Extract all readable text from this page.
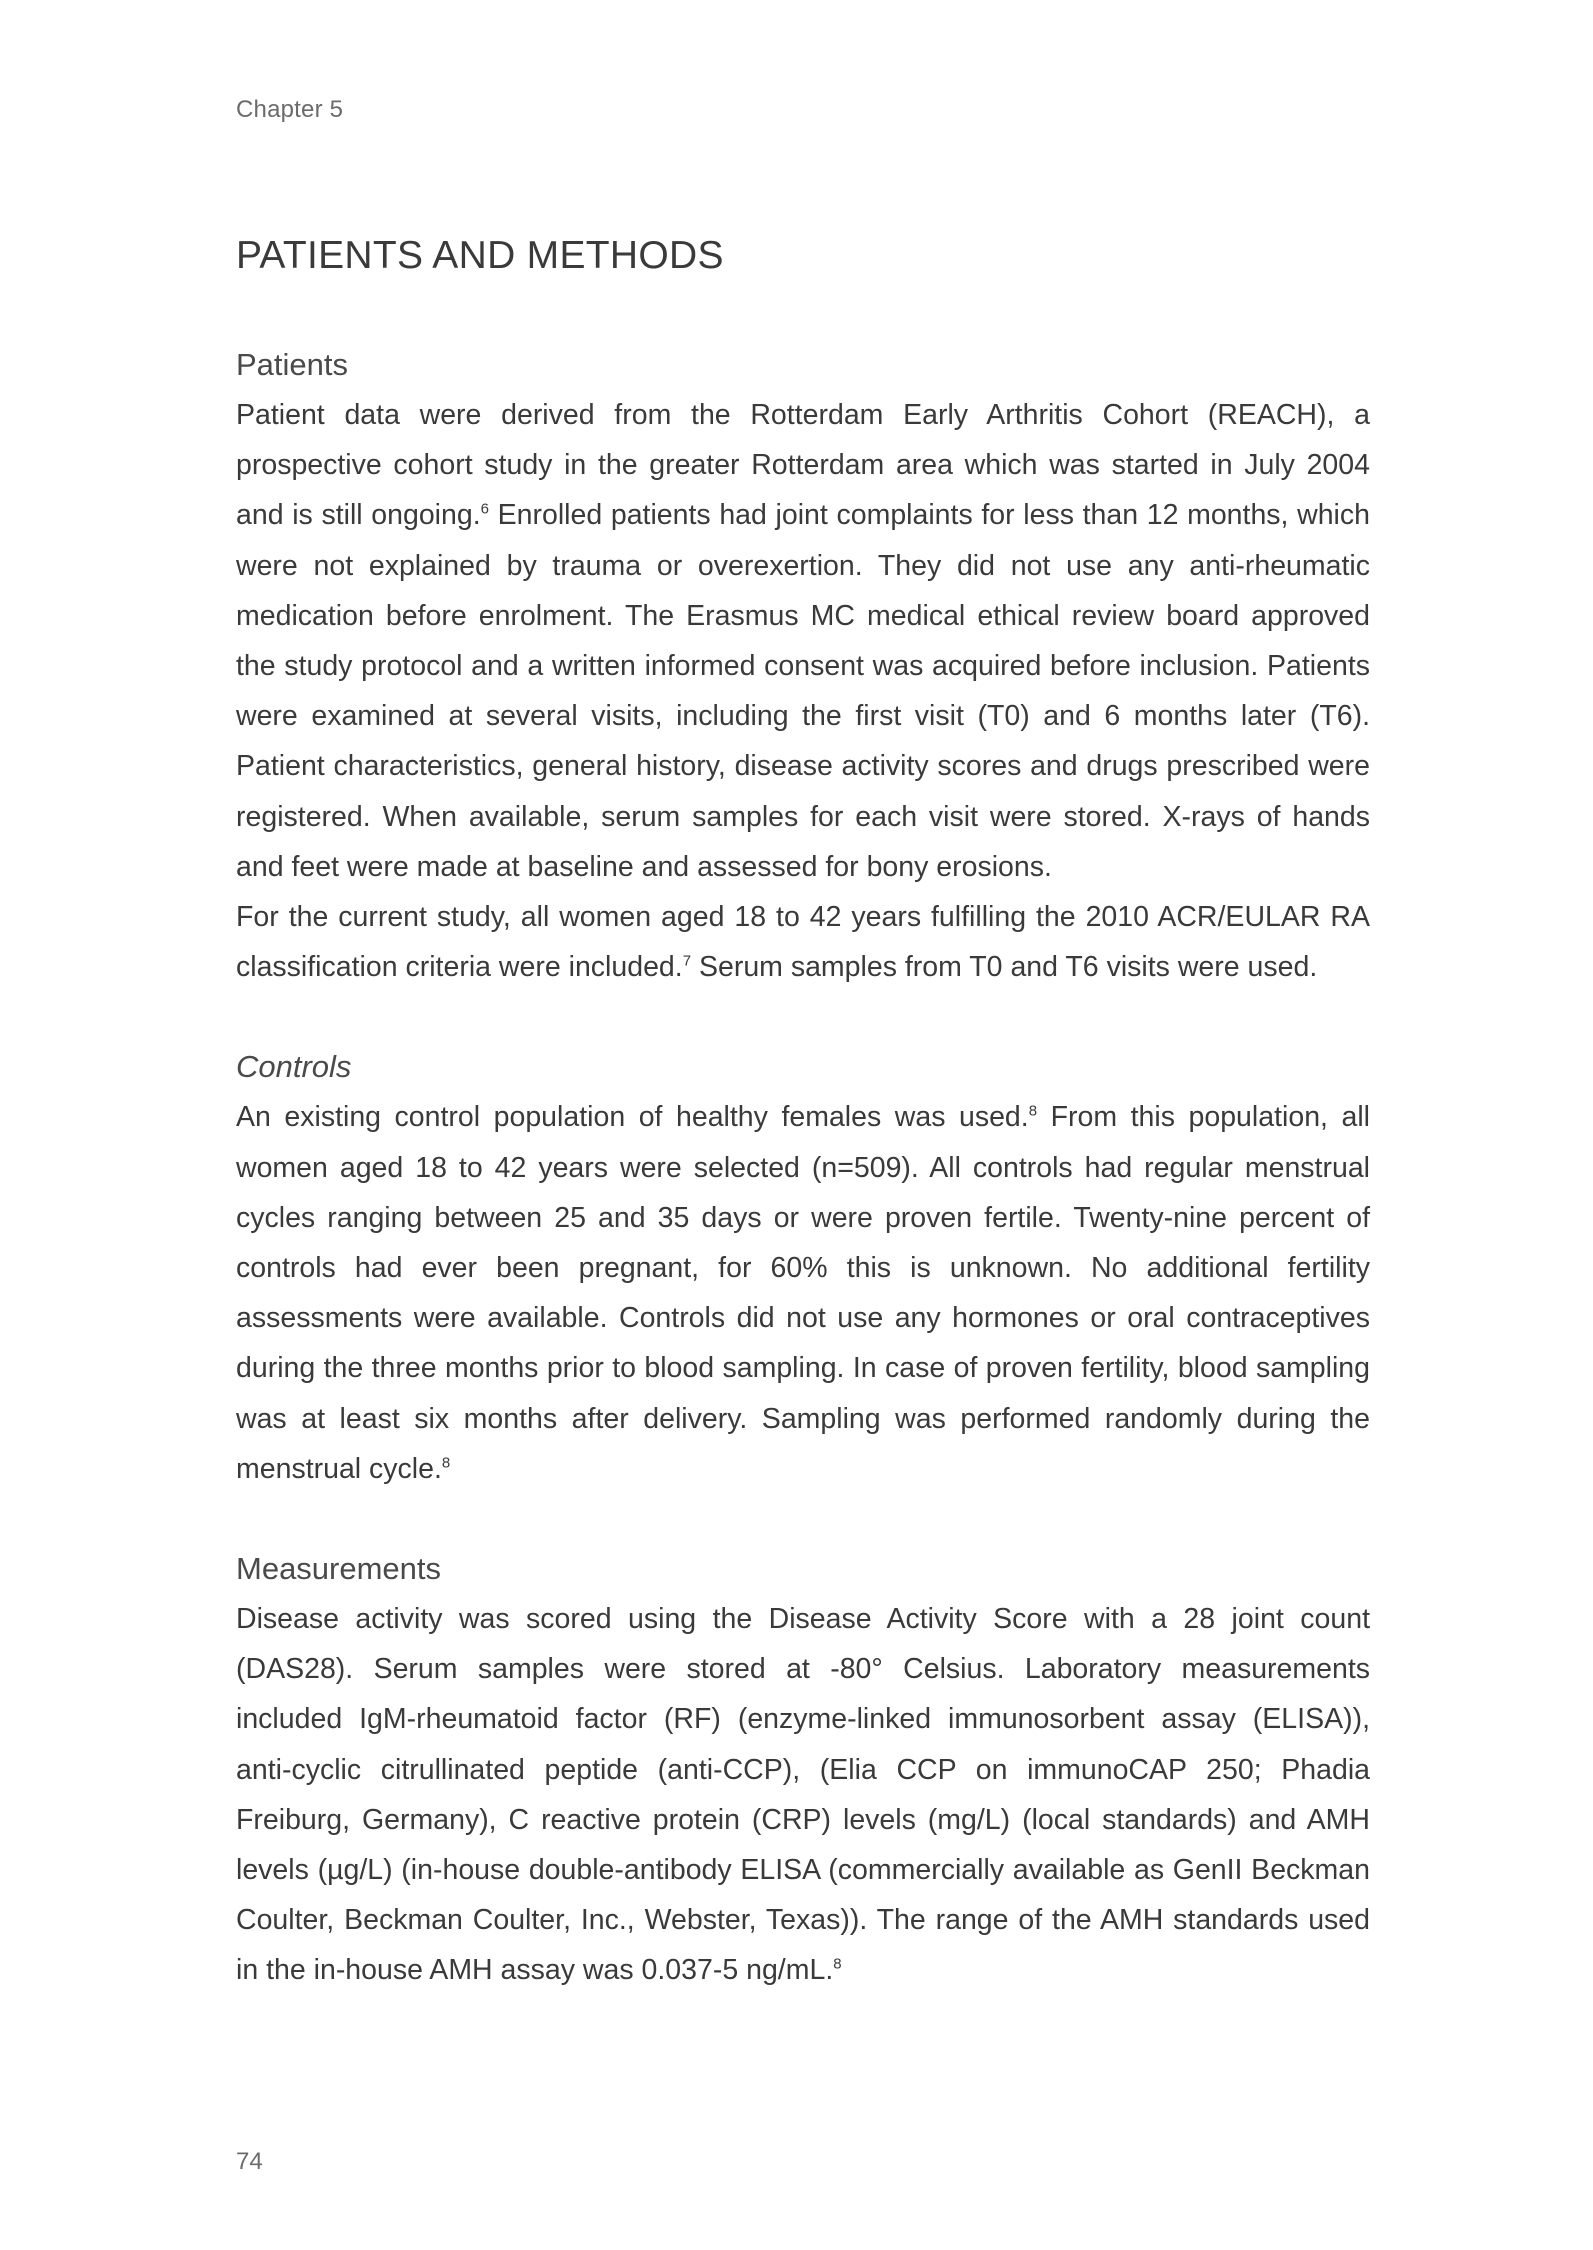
Chapter 5
PATIENTS AND METHODS
Patients

Patient data were derived from the Rotterdam Early Arthritis Cohort (REACH), a prospective cohort study in the greater Rotterdam area which was started in July 2004 and is still ongoing.$^6$ Enrolled patients had joint complaints for less than 12 months, which were not explained by trauma or overexertion. They did not use any anti-rheumatic medication before enrolment. The Erasmus MC medical ethical review board approved the study protocol and a written informed consent was acquired before inclusion. Patients were examined at several visits, including the first visit (T0) and 6 months later (T6). Patient characteristics, general history, disease activity scores and drugs prescribed were registered. When available, serum samples for each visit were stored. X-rays of hands and feet were made at baseline and assessed for bony erosions.

For the current study, all women aged 18 to 42 years fulfilling the 2010 ACR/EULAR RA classification criteria were included.$^7$ Serum samples from T0 and T6 visits were used.

Controls

An existing control population of healthy females was used.$^8$ From this population, all women aged 18 to 42 years were selected (n=509). All controls had regular menstrual cycles ranging between 25 and 35 days or were proven fertile. Twenty-nine percent of controls had ever been pregnant, for 60% this is unknown. No additional fertility assessments were available. Controls did not use any hormones or oral contraceptives during the three months prior to blood sampling. In case of proven fertility, blood sampling was at least six months after delivery. Sampling was performed randomly during the menstrual cycle.$^8$

Measurements

Disease activity was scored using the Disease Activity Score with a 28 joint count (DAS28). Serum samples were stored at -80° Celsius. Laboratory measurements included IgM-rheumatoid factor (RF) (enzyme-linked immunosorbent assay (ELISA)), anti-cyclic citrullinated peptide (anti-CCP), (Elia CCP on immunoCAP 250; Phadia Freiburg, Germany), C reactive protein (CRP) levels (mg/L) (local standards) and AMH levels (µg/L) (in-house double-antibody ELISA (commercially available as GenII Beckman Coulter, Beckman Coulter, Inc., Webster, Texas)). The range of the AMH standards used in the in-house AMH assay was 0.037-5 ng/mL.$^8$

74
